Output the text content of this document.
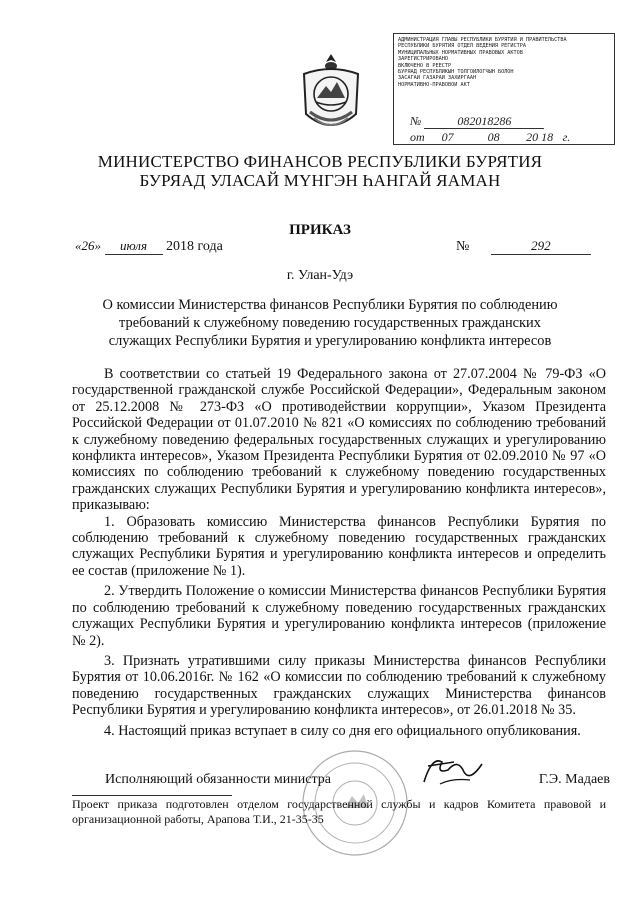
АДМИНИСТРАЦИЯ ГЛАВЫ РЕСПУБЛИКИ БУРЯТИЯ И ПРАВИТЕЛЬСТВА
РЕСПУБЛИКИ БУРЯТИЯ ОТДЕЛ ВЕДЕНИЯ РЕГИСТРА
МУНИЦИПАЛЬНЫХ НОРМАТИВНЫХ ПРАВОВЫХ АКТОВ
ЗАРЕГИСТРИРОВАНО
ВКЛЮЧЕНО В РЕЕСТР
БУРЯАД РЕСПУБЛИКЫН ТОЛГОЙЛОГЧЫН БОЛОН
ЗАСАГАЙ ГАЗАРАЙ ЗАХИРГААН
НОРМАТИВНО-ПРАВОВОЙ АКТ
№	082018286
от 07	08 20 18 г.
МИНИСТЕРСТВО ФИНАНСОВ РЕСПУБЛИКИ БУРЯТИЯ
БУРЯАД УЛАСАЙ МҮНГЭН ҺАНГАЙ ЯАМАН
ПРИКАЗ
«26» июля 2018 года	№	292
г. Улан-Удэ
О комиссии Министерства финансов Республики Бурятия по соблюдению требований к служебному поведению государственных гражданских служащих Республики Бурятия и урегулированию конфликта интересов

В соответствии со статьей 19 Федерального закона от 27.07.2004 № 79-ФЗ «О государственной гражданской службе Российской Федерации», Федеральным законом от 25.12.2008 № 273-ФЗ «О противодействии коррупции», Указом Президента Российской Федерации от 01.07.2010 № 821 «О комиссиях по соблюдению требований к служебному поведению федеральных государственных служащих и урегулированию конфликта интересов», Указом Президента Республики Бурятия от 02.09.2010 № 97 «О комиссиях по соблюдению требований к служебному поведению государственных гражданских служащих Республики Бурятия и урегулированию конфликта интересов», приказываю:

1. Образовать комиссию Министерства финансов Республики Бурятия по соблюдению требований к служебному поведению государственных гражданских служащих Республики Бурятия и урегулированию конфликта интересов и определить ее состав (приложение № 1).

2. Утвердить Положение о комиссии Министерства финансов Республики Бурятия по соблюдению требований к служебному поведению государственных гражданских служащих Республики Бурятия и урегулированию конфликта интересов (приложение № 2).

3. Признать утратившими силу приказы Министерства финансов Республики Бурятия от 10.06.2016г. № 162 «О комиссии по соблюдению требований к служебному поведению государственных гражданских служащих Министерства финансов Республики Бурятия и урегулированию конфликта интересов», от 26.01.2018 № 35.

4. Настоящий приказ вступает в силу со дня его официального опубликования.

Исполняющий обязанности министра	Г.Э. Мадаев
Проект приказа подготовлен отделом государственной службы и кадров Комитета правовой и организационной работы, Арапова Т.И., 21-35-35
